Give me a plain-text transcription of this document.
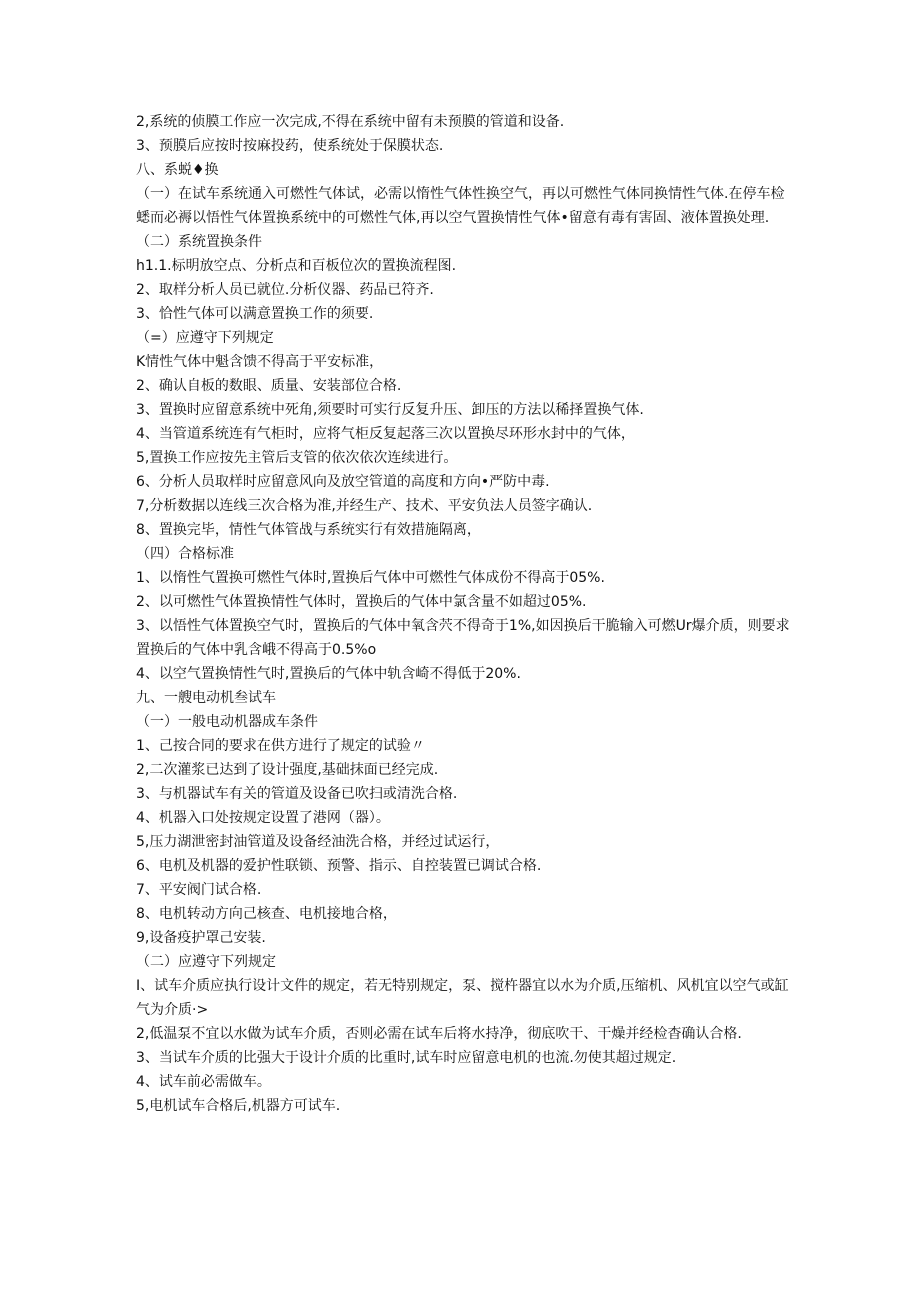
2,系统的侦膜工作应一次完成,不得在系统中留有未预膜的管道和设备.
3、预膜后应按时按麻投药，使系统处于保膜状态.
八、系蜕♦换
（一）在试车系统通入可燃性气体试，必需以惰性气体性换空气，再以可燃性气体同换情性气体.在停车检蟋而必褥以悟性气体置换系统中的可燃性气体,再以空气置换情性气体•留意有毒有害固、液体置换处理.
（二）系统置换条件
h1.1.标明放空点、分析点和百板位次的置换流程图.
2、取样分析人员已就位.分析仪器、药品已符齐.
3、恰性气体可以满意置换工作的须要.
（=）应遵守下列规定
K情性气体中魁含馈不得高于平安标准，
2、确认自板的数眼、质量、安装部位合格.
3、置换时应留意系统中死角,须要时可实行反复升压、卸压的方法以稀择置换气体.
4、当管道系统连有气柜时，应将气柜反复起落三次以置换尽环形水封中的气体，
5,置换工作应按先主管后支管的依次依次连续进行。
6、分析人员取样时应留意风向及放空管道的高度和方向•严防中毒.
7,分析数据以连线三次合格为准,并经生产、技术、平安负法人员签字确认.
8、置换完毕，情性气体管战与系统实行有效措施隔离，
（四）合格标准
1、以惰性气置换可燃性气体时,置换后气体中可燃性气体成份不得高于05%.
2、以可燃性气体置换情性气体时，置换后的气体中氯含量不如超过05%.
3、以悟性气体置换空气时，置换后的气体中氧含茓不得奇于1%,如因换后干脆输入可燃Ur爆介质，则要求置换后的气体中乳含峨不得高于0.5%o
4、以空气置换情性气时,置换后的气体中轨含崎不得低于20%.
九、一艘电动机叁试车
（一）一般电动机器成车条件
1、己按合同的要求在供方进行了规定的试验〃
2,二次灌浆已达到了设计强度,基础抹面已经完成.
3、与机器试车有关的管道及设备已吹扫或清洗合格.
4、机器入口处按规定设置了港网（器）。
5,压力湖泄密封油管道及设备经油洗合格，并经过试运行，
6、电机及机器的爱护性联锁、预警、指示、自控装置已调试合格.
7、平安阀门试合格.
8、电机转动方向己核查、电机接地合格，
9,设备疫护罩己安装.
（二）应遵守下列规定
I、试车介质应执行设计文件的规定，若无特别规定，泵、搅杵器宜以水为介质,压缩机、风机宜以空气或缸气为介质·>
2,低温泵不宜以水做为试车介质，否则必需在试车后将水持净，彻底吹干、干燥并经检杳确认合格.
3、当试车介质的比强大于设计介质的比重时,试车时应留意电机的也流.勿使其超过规定.
4、试车前必需做车。
5,电机试车合格后,机器方可试车.
